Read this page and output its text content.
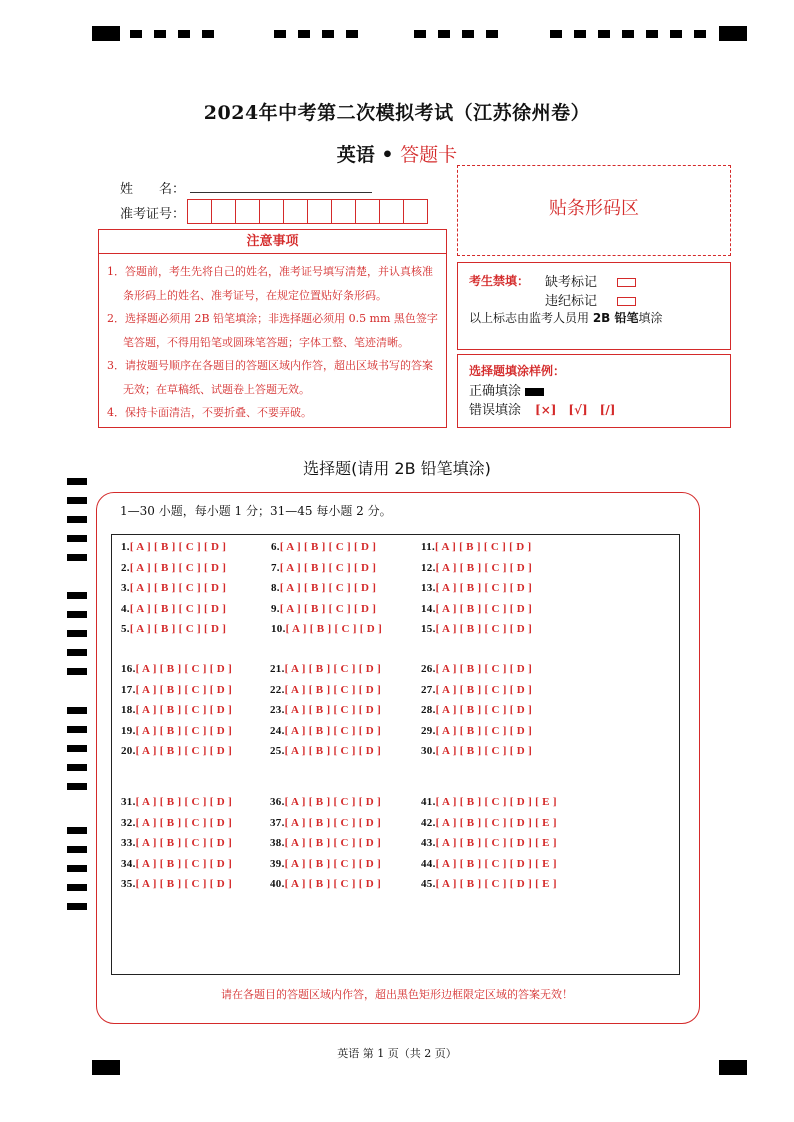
2024年中考第二次模拟考试（江苏徐州卷）
英语 • 答题卡
姓　　名：
准考证号：
注意事项

1．答题前，考生先将自己的姓名，准考证号填写清楚，并认真核准条形码上的姓名、准考证号，在规定位置贴好条形码。

2．选择题必须用 2B 铅笔填涂；非选择题必须用 0.5 mm 黑色签字笔答题，不得用铅笔或圆珠笔答题；字体工整、笔迹清晰。

3．请按题号顺序在各题目的答题区域内作答，超出区域书写的答案无效；在草稿纸、试题卷上答题无效。

4．保持卡面清洁，不要折叠、不要弄破。

贴条形码区
考生禁填： 缺考标记
违纪标记
以上标志由监考人员用 2B 铅笔填涂
选择题填涂样例：
正确填涂
错误填涂 [×]　[√]　[/]
选择题(请用 2B 铅笔填涂)
1—30 小题，每小题 1 分；31—45 每小题 2 分。
1.[ A ] [ B ] [ C ] [ D ]
2.[ A ] [ B ] [ C ] [ D ]
3.[ A ] [ B ] [ C ] [ D ]
4.[ A ] [ B ] [ C ] [ D ]
5.[ A ] [ B ] [ C ] [ D ]
6.[ A ] [ B ] [ C ] [ D ]
7.[ A ] [ B ] [ C ] [ D ]
8.[ A ] [ B ] [ C ] [ D ]
9.[ A ] [ B ] [ C ] [ D ]
10.[ A ] [ B ] [ C ] [ D ]
11.[ A ] [ B ] [ C ] [ D ]
12.[ A ] [ B ] [ C ] [ D ]
13.[ A ] [ B ] [ C ] [ D ]
14.[ A ] [ B ] [ C ] [ D ]
15.[ A ] [ B ] [ C ] [ D ]
16.[ A ] [ B ] [ C ] [ D ]
17.[ A ] [ B ] [ C ] [ D ]
18.[ A ] [ B ] [ C ] [ D ]
19.[ A ] [ B ] [ C ] [ D ]
20.[ A ] [ B ] [ C ] [ D ]
21.[ A ] [ B ] [ C ] [ D ]
22.[ A ] [ B ] [ C ] [ D ]
23.[ A ] [ B ] [ C ] [ D ]
24.[ A ] [ B ] [ C ] [ D ]
25.[ A ] [ B ] [ C ] [ D ]
26.[ A ] [ B ] [ C ] [ D ]
27.[ A ] [ B ] [ C ] [ D ]
28.[ A ] [ B ] [ C ] [ D ]
29.[ A ] [ B ] [ C ] [ D ]
30.[ A ] [ B ] [ C ] [ D ]
31.[ A ] [ B ] [ C ] [ D ]
32.[ A ] [ B ] [ C ] [ D ]
33.[ A ] [ B ] [ C ] [ D ]
34.[ A ] [ B ] [ C ] [ D ]
35.[ A ] [ B ] [ C ] [ D ]
36.[ A ] [ B ] [ C ] [ D ]
37.[ A ] [ B ] [ C ] [ D ]
38.[ A ] [ B ] [ C ] [ D ]
39.[ A ] [ B ] [ C ] [ D ]
40.[ A ] [ B ] [ C ] [ D ]
41.[ A ] [ B ] [ C ] [ D ] [ E ]
42.[ A ] [ B ] [ C ] [ D ] [ E ]
43.[ A ] [ B ] [ C ] [ D ] [ E ]
44.[ A ] [ B ] [ C ] [ D ] [ E ]
45.[ A ] [ B ] [ C ] [ D ] [ E ]
请在各题目的答题区域内作答，超出黑色矩形边框限定区域的答案无效！
英语 第 1 页（共 2 页）
